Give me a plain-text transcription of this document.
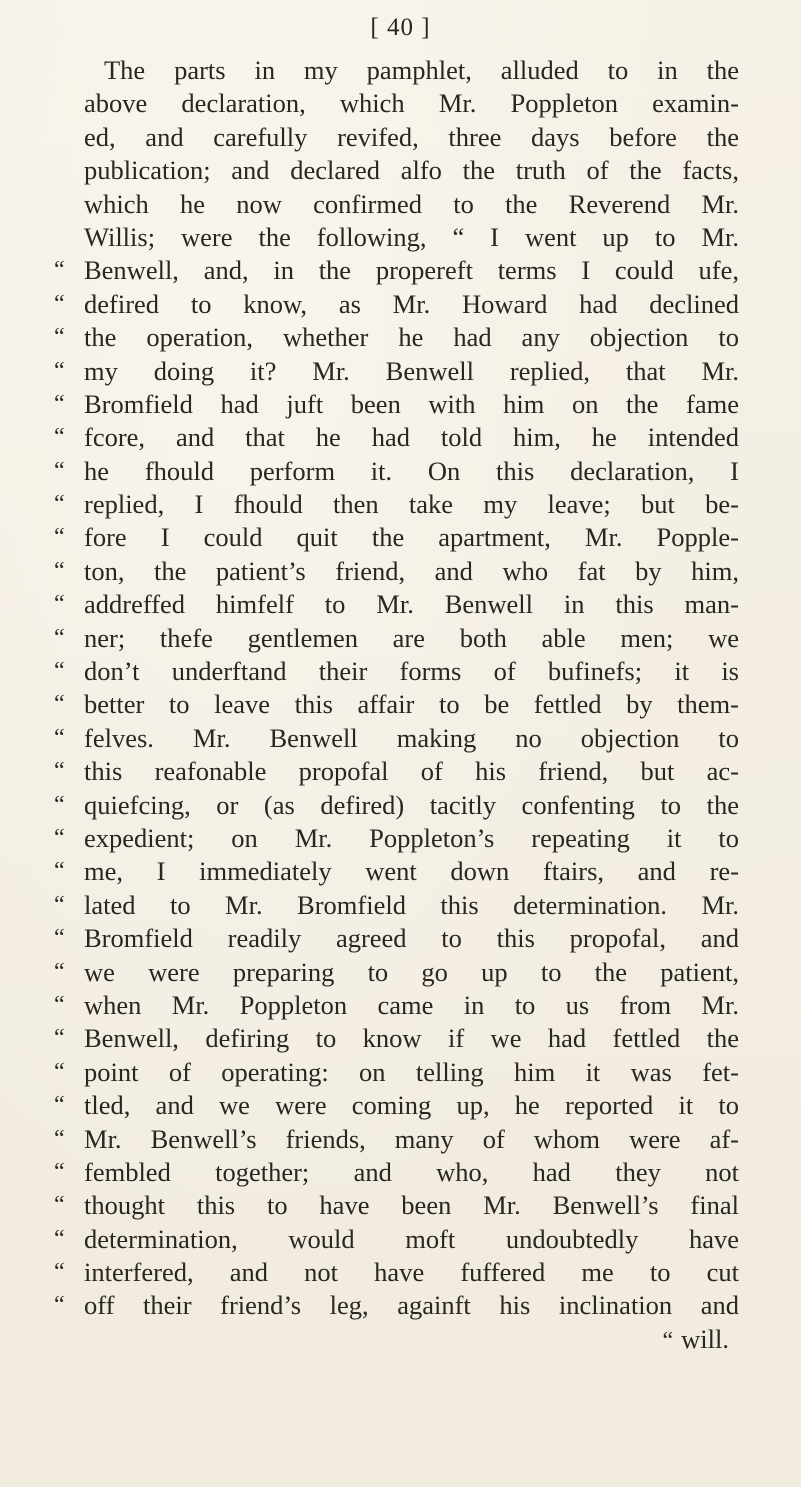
[ 40 ]
The parts in my pamphlet, alluded to in the
above declaration, which Mr. Poppleton examin-
ed, and carefully revifed, three days before the
publication; and declared alfo the truth of the facts,
which he now confirmed to the Reverend Mr.
Willis; were the following, “ I went up to Mr.
“ Benwell, and, in the propereft terms I could ufe,
“ defired to know, as Mr. Howard had declined
“ the operation, whether he had any objection to
“ my doing it? Mr. Benwell replied, that Mr.
“ Bromfield had juft been with him on the fame
“ fcore, and that he had told him, he intended
“ he fhould perform it. On this declaration, I
“ replied, I fhould then take my leave; but be-
“ fore I could quit the apartment, Mr. Popple-
“ ton, the patient’s friend, and who fat by him,
“ addreffed himfelf to Mr. Benwell in this man-
“ ner; thefe gentlemen are both able men; we
“ don’t underftand their forms of bufinefs; it is
“ better to leave this affair to be fettled by them-
“ felves. Mr. Benwell making no objection to
“ this reafonable propofal of his friend, but ac-
“ quiefcing, or (as defired) tacitly confenting to the
“ expedient; on Mr. Poppleton’s repeating it to
“ me, I immediately went down ftairs, and re-
“ lated to Mr. Bromfield this determination. Mr.
“ Bromfield readily agreed to this propofal, and
“ we were preparing to go up to the patient,
“ when Mr. Poppleton came in to us from Mr.
“ Benwell, defiring to know if we had fettled the
“ point of operating: on telling him it was fet-
“ tled, and we were coming up, he reported it to
“ Mr. Benwell’s friends, many of whom were af-
“ fembled together; and who, had they not
“ thought this to have been Mr. Benwell’s final
“ determination, would moft undoubtedly have
“ interfered, and not have fuffered me to cut
“ off their friend’s leg, againft his inclination and
“ will.
